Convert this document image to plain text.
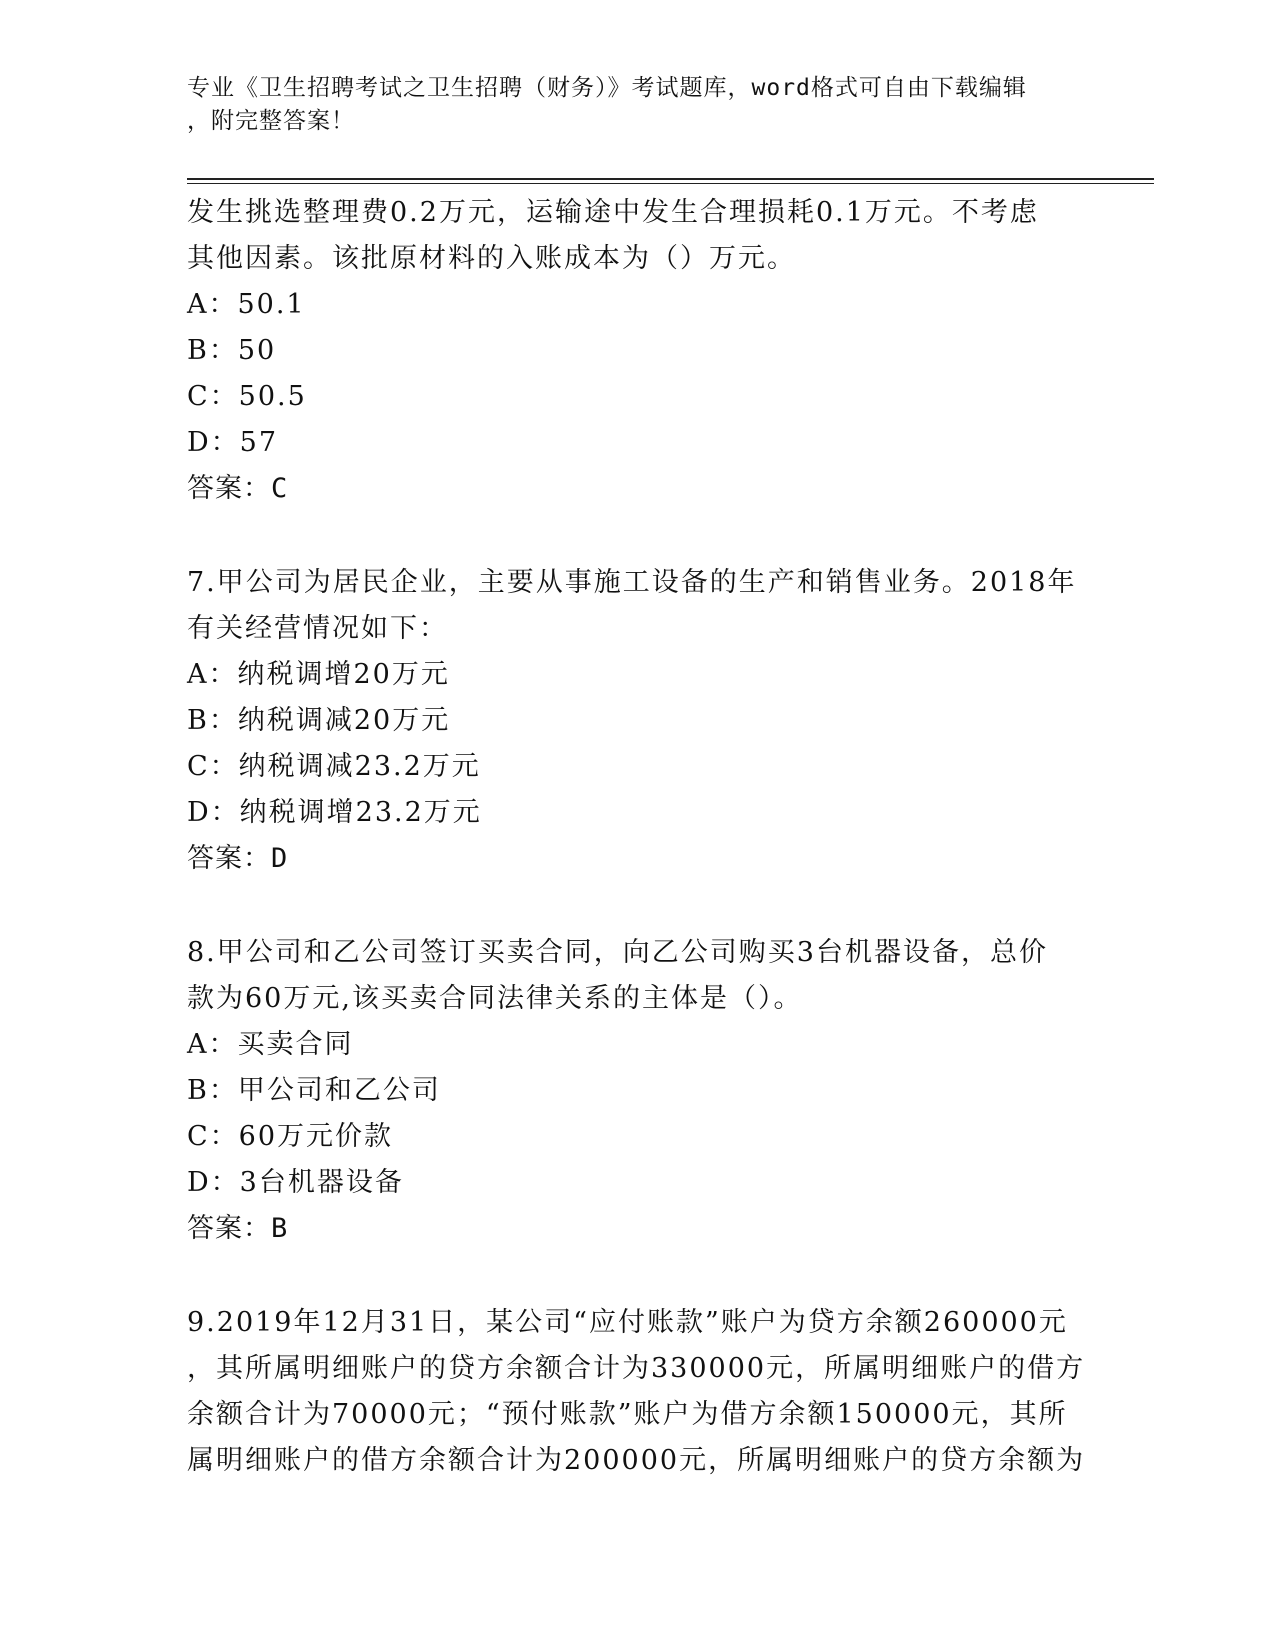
专业《卫生招聘考试之卫生招聘（财务）》考试题库，word格式可自由下载编辑
，附完整答案！
发生挑选整理费0.2万元，运输途中发生合理损耗0.1万元。不考虑
其他因素。该批原材料的入账成本为（）万元。
A：50.1
B：50
C：50.5
D：57
答案：C
7.甲公司为居民企业，主要从事施工设备的生产和销售业务。2018年
有关经营情况如下：
A：纳税调增20万元
B：纳税调减20万元
C：纳税调减23.2万元
D：纳税调增23.2万元
答案：D
8.甲公司和乙公司签订买卖合同，向乙公司购买3台机器设备，总价
款为60万元,该买卖合同法律关系的主体是（）。
A：买卖合同
B：甲公司和乙公司
C：60万元价款
D：3台机器设备
答案：B
9.2019年12月31日，某公司“应付账款”账户为贷方余额260000元
，其所属明细账户的贷方余额合计为330000元，所属明细账户的借方
余额合计为70000元；“预付账款”账户为借方余额150000元，其所
属明细账户的借方余额合计为200000元，所属明细账户的贷方余额为
